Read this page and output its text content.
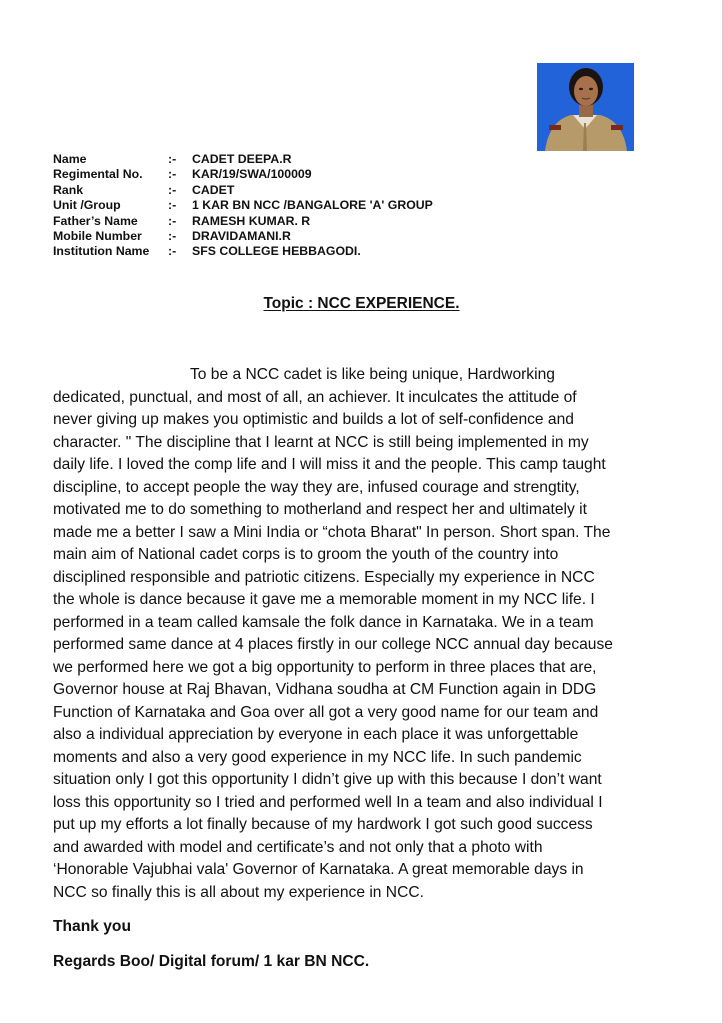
Name	:-	CADET DEEPA.R
Regimental No.	:-	KAR/19/SWA/100009
Rank	:-	CADET
Unit /Group	:-	1 KAR BN NCC /BANGALORE 'A' GROUP
Father’s Name	:-	RAMESH KUMAR. R
Mobile Number	:-	DRAVIDAMANI.R
Institution Name	:-	SFS COLLEGE HEBBAGODI.
Topic : NCC EXPERIENCE.
To be a NCC cadet is like being unique, Hardworking
dedicated, punctual, and most of all, an achiever. It inculcates the attitude of
never giving up makes you optimistic and builds a lot of self-confidence and
character. " The discipline that I learnt at NCC is still being implemented in my
daily life. I loved the comp life and I will miss it and the people. This camp taught
discipline, to accept people the way they are, infused courage and strengtity,
motivated me to do something to motherland and respect her and ultimately it
made me a better I saw a Mini India or “chota Bharat" In person. Short span. The
main aim of National cadet corps is to groom the youth of the country into
disciplined responsible and patriotic citizens. Especially my experience in NCC
the whole is dance because it gave me a memorable moment in my NCC life. I
performed in a team called kamsale the folk dance in Karnataka. We in a team
performed same dance at 4 places firstly in our college NCC annual day because
we performed here we got a big opportunity to perform in three places that are,
Governor house at Raj Bhavan, Vidhana soudha at CM Function again in DDG
Function of Karnataka and Goa over all got a very good name for our team and
also a individual appreciation by everyone in each place it was unforgettable
moments and also a very good experience in my NCC life. In such pandemic
situation only I got this opportunity I didn’t give up with this because I don’t want
loss this opportunity so I tried and performed well In a team and also individual I
put up my efforts a lot finally because of my hardwork I got such good success
and awarded with model and certificate’s and not only that a photo with
‘Honorable Vajubhai vala' Governor of Karnataka. A great memorable days in
NCC so finally this is all about my experience in NCC.
Thank you
Regards Boo/ Digital forum/ 1 kar BN NCC.
